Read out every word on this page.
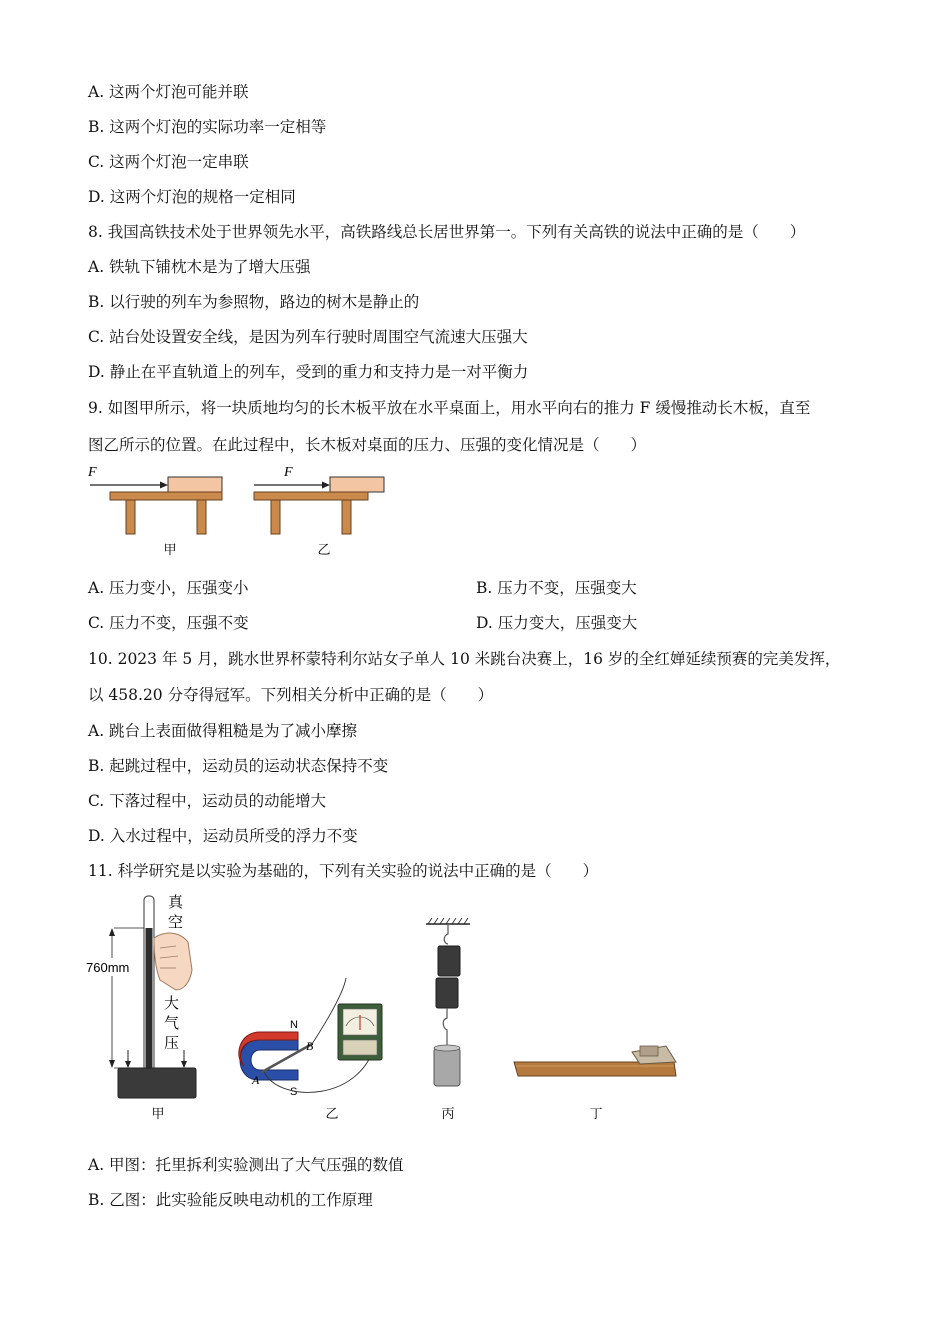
A. 这两个灯泡可能并联
B. 这两个灯泡的实际功率一定相等
C. 这两个灯泡一定串联
D. 这两个灯泡的规格一定相同
8. 我国高铁技术处于世界领先水平，高铁路线总长居世界第一。下列有关高铁的说法中正确的是（　　）
A. 铁轨下铺枕木是为了增大压强
B. 以行驶的列车为参照物，路边的树木是静止的
C. 站台处设置安全线，是因为列车行驶时周围空气流速大压强大
D. 静止在平直轨道上的列车，受到的重力和支持力是一对平衡力
9. 如图甲所示，将一块质地均匀的长木板平放在水平桌面上，用水平向右的推力 F 缓慢推动长木板，直至
图乙所示的位置。在此过程中，长木板对桌面的压力、压强的变化情况是（　　）
F
甲
F
乙
A. 压力变小，压强变小	B. 压力不变，压强变大
C. 压力不变，压强不变	D. 压力变大，压强变大
10. 2023 年 5 月，跳水世界杯蒙特利尔站女子单人 10 米跳台决赛上，16 岁的全红婵延续预赛的完美发挥，
以 458.20 分夺得冠军。下列相关分析中正确的是（　　）
A. 跳台上表面做得粗糙是为了减小摩擦
B. 起跳过程中，运动员的运动状态保持不变
C. 下落过程中，运动员的动能增大
D. 入水过程中，运动员所受的浮力不变
11. 科学研究是以实验为基础的，下列有关实验的说法中正确的是（　　）
760mm
真
空
大
气
压
甲
N
S
A
B
乙	丙	丁
A. 甲图：托里拆利实验测出了大气压强的数值
B. 乙图：此实验能反映电动机的工作原理
